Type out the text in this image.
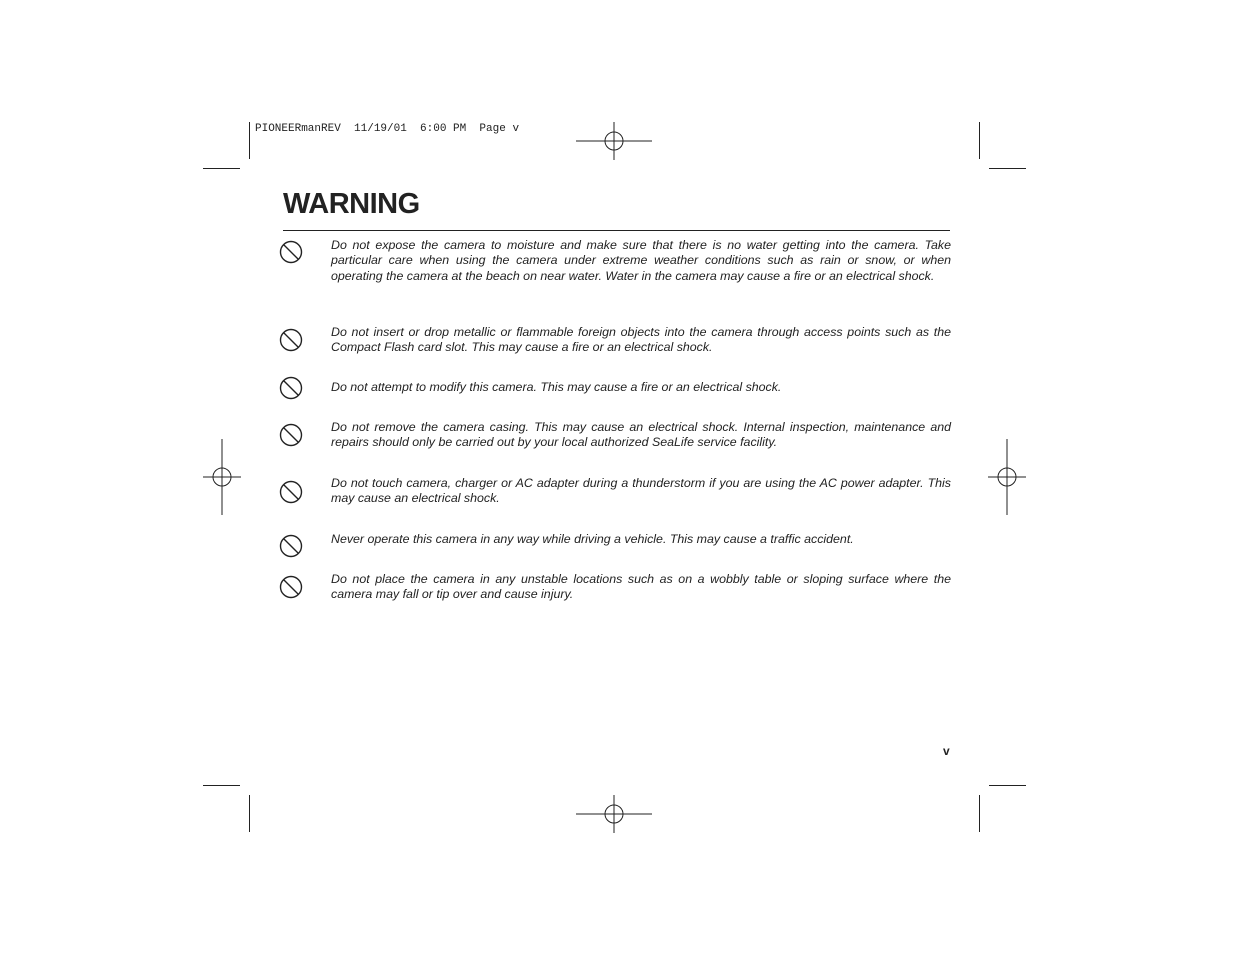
PIONEERmanREV  11/19/01  6:00 PM  Page v
WARNING

Do not expose the camera to moisture and make sure that there is no water getting into the camera. Take particular care when using the camera under extreme weather conditions such as rain or snow, or when operating the camera at the beach on near water. Water in the camera may cause a fire or an electrical shock.

Do not insert or drop metallic or flammable foreign objects into the camera through access points such as the Compact Flash card slot. This may cause a fire or an electrical shock.

Do not attempt to modify this camera. This may cause a fire or an electrical shock.

Do not remove the camera casing. This may cause an electrical shock. Internal inspection, maintenance and repairs should only be carried out by your local authorized SeaLife service facility.

Do not touch camera, charger or AC adapter during a thunderstorm if you are using the AC power adapter. This may cause an electrical shock.

Never operate this camera in any way while driving a vehicle. This may cause a traffic accident.

Do not place the camera in any unstable locations such as on a wobbly table or sloping surface where the camera may fall or tip over and cause injury.

v
